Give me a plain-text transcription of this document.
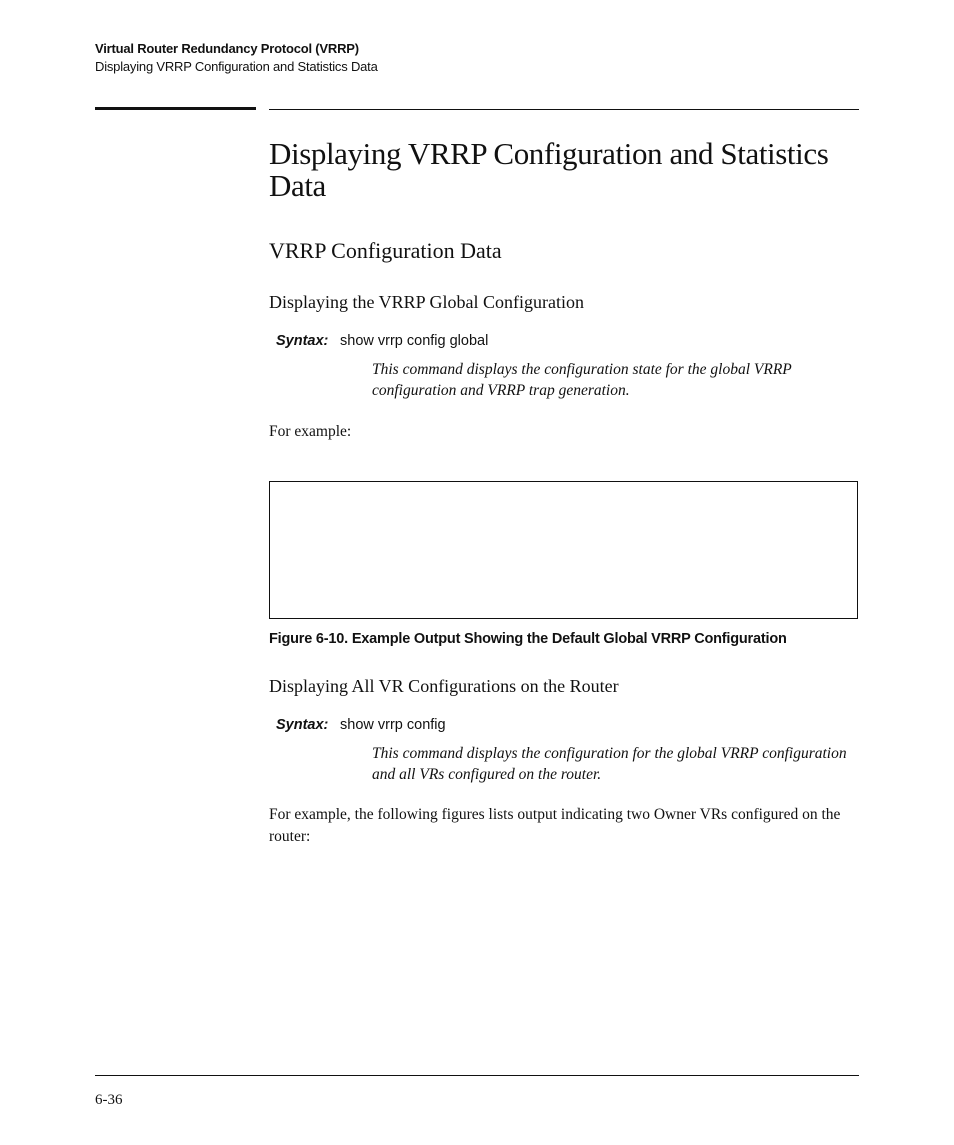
Virtual Router Redundancy Protocol (VRRP)
Displaying VRRP Configuration and Statistics Data
Displaying VRRP Configuration and Statistics Data
VRRP Configuration Data
Displaying the VRRP Global Configuration
Syntax: show vrrp config global

This command displays the configuration state for the global VRRP configuration and VRRP trap generation.

For example:

Figure 6-10. Example Output Showing the Default Global VRRP Configuration
Displaying All VR Configurations on the Router
Syntax: show vrrp config

This command displays the configuration for the global VRRP configuration and all VRs configured on the router.

For example, the following figures lists output indicating two Owner VRs configured on the router:

6-36
